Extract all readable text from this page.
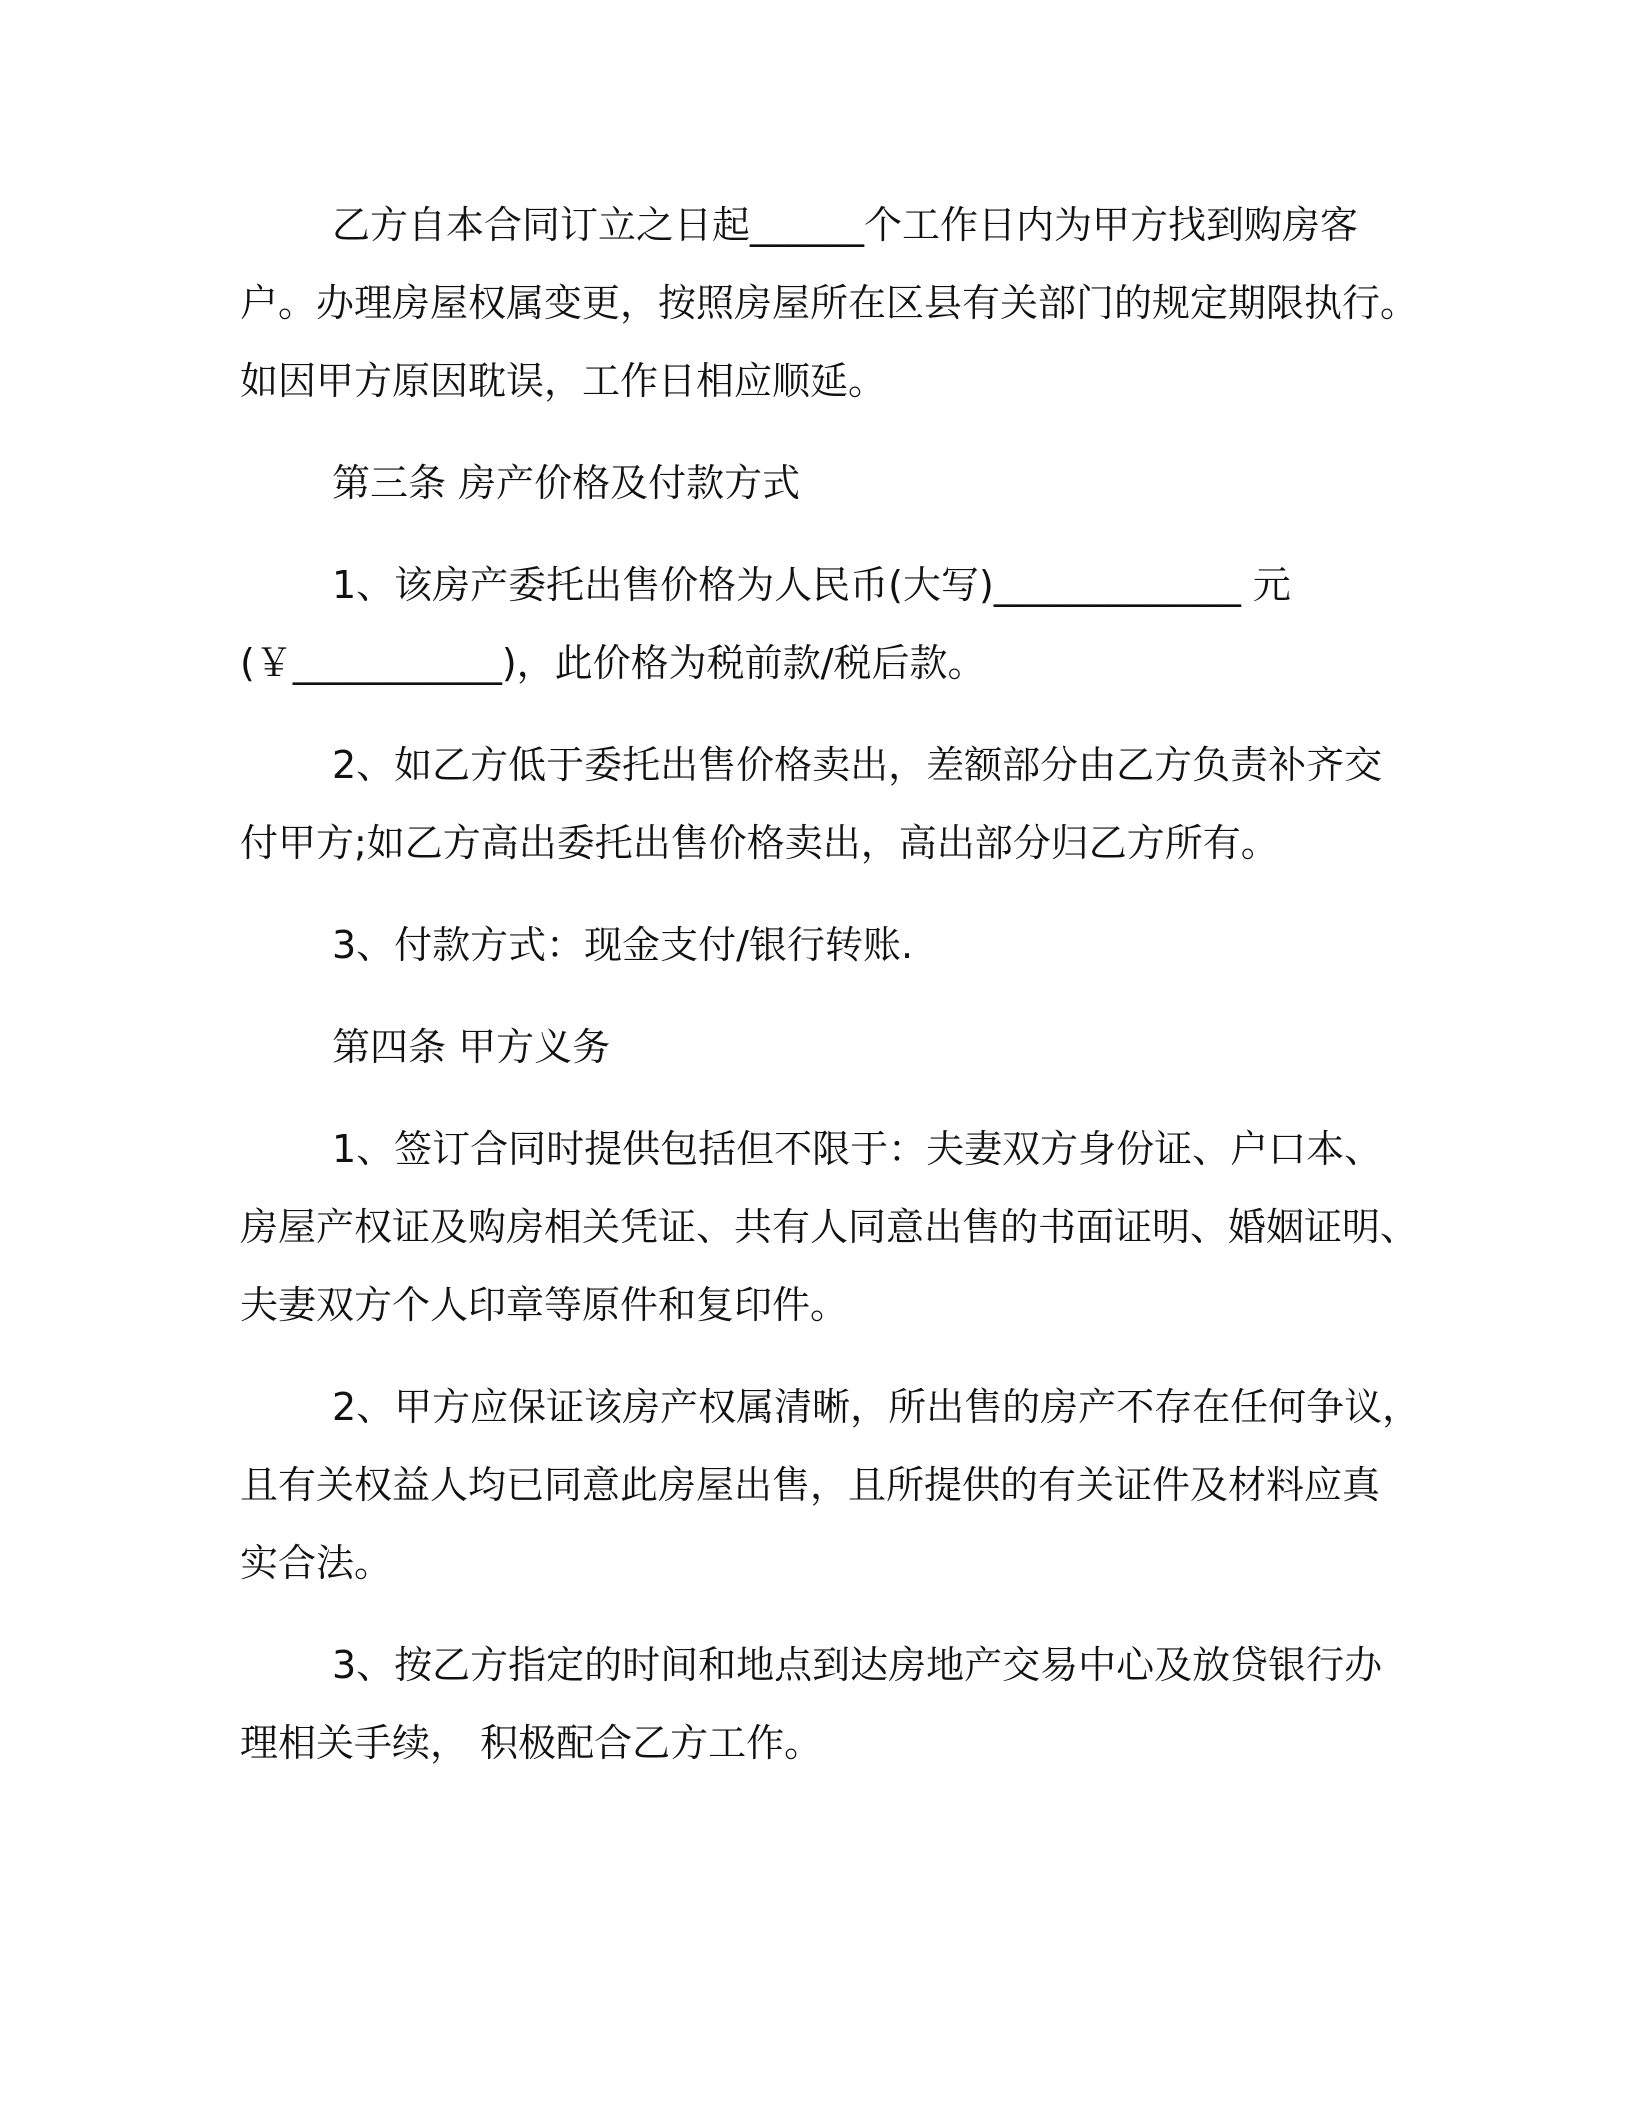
乙方自本合同订立之日起______个工作日内为甲方找到购房客
户。办理房屋权属变更，按照房屋所在区县有关部门的规定期限执行。
如因甲方原因耽误，工作日相应顺延。
第三条 房产价格及付款方式
1、该房产委托出售价格为人民币(大写)_____________ 元
(￥___________)，此价格为税前款/税后款。
2、如乙方低于委托出售价格卖出，差额部分由乙方负责补齐交
付甲方;如乙方高出委托出售价格卖出，高出部分归乙方所有。
3、付款方式：现金支付/银行转账.
第四条 甲方义务
1、签订合同时提供包括但不限于：夫妻双方身份证、户口本、
房屋产权证及购房相关凭证、共有人同意出售的书面证明、婚姻证明、
夫妻双方个人印章等原件和复印件。
2、甲方应保证该房产权属清晰，所出售的房产不存在任何争议，
且有关权益人均已同意此房屋出售，且所提供的有关证件及材料应真
实合法。
3、按乙方指定的时间和地点到达房地产交易中心及放贷银行办
理相关手续， 积极配合乙方工作。
